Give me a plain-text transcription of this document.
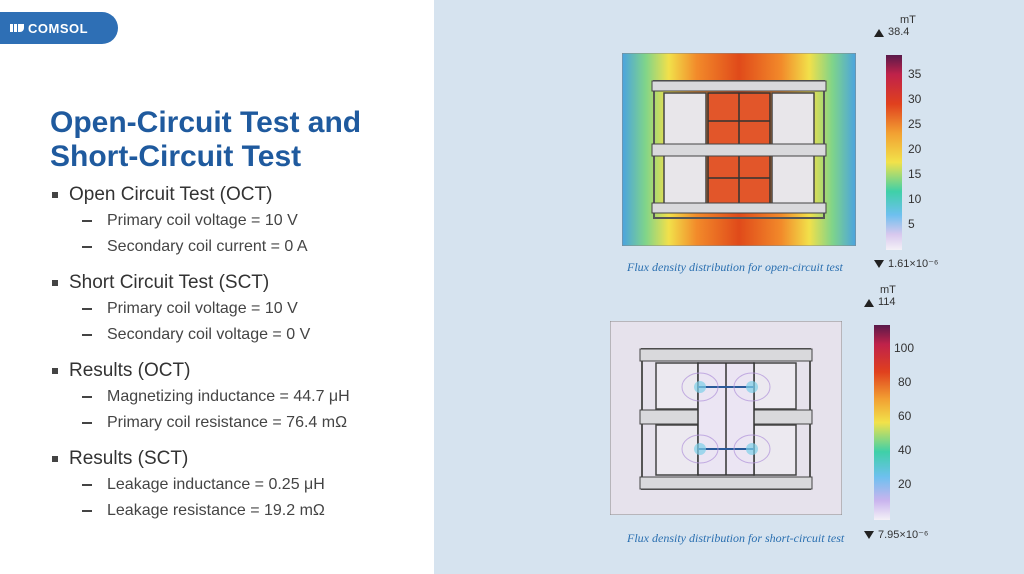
COMSOL
Open-Circuit Test and
Short-Circuit Test
Open Circuit Test (OCT)
Primary coil voltage = 10 V
Secondary coil current = 0 A
Short Circuit Test (SCT)
Primary coil voltage = 10 V
Secondary coil voltage = 0 V
Results (OCT)
Magnetizing inductance = 44.7 μH
Primary coil resistance = 76.4 mΩ
Results (SCT)
Leakage inductance = 0.25 μH
Leakage resistance = 19.2 mΩ
Flux density distribution for open-circuit test
mT
38.4
35
30
25
20
15
10
5
1.61×10⁻⁶
Flux density distribution for short-circuit test
mT
114
100
80
60
40
20
7.95×10⁻⁶
